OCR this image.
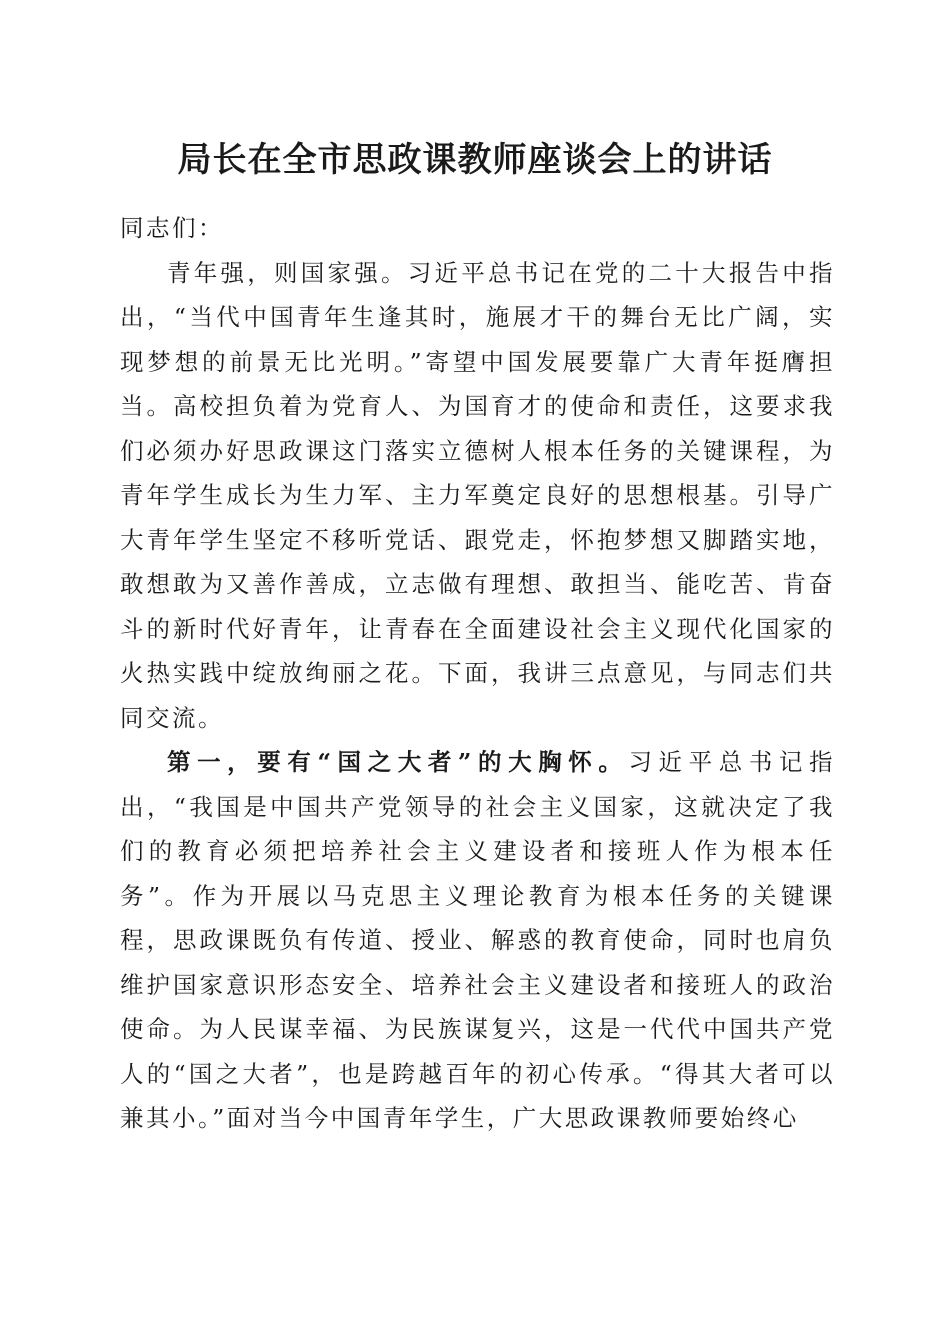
局长在全市思政课教师座谈会上的讲话

同志们：

青年强，则国家强。习近平总书记在党的二十大报告中指出，“当代中国青年生逢其时，施展才干的舞台无比广阔，实现梦想的前景无比光明。”寄望中国发展要靠广大青年挺膺担当。高校担负着为党育人、为国育才的使命和责任，这要求我们必须办好思政课这门落实立德树人根本任务的关键课程，为青年学生成长为生力军、主力军奠定良好的思想根基。引导广大青年学生坚定不移听党话、跟党走，怀抱梦想又脚踏实地，敢想敢为又善作善成，立志做有理想、敢担当、能吃苦、肯奋斗的新时代好青年，让青春在全面建设社会主义现代化国家的火热实践中绽放绚丽之花。下面，我讲三点意见，与同志们共同交流。

第一，要有“国之大者”的大胸怀。习近平总书记指出，“我国是中国共产党领导的社会主义国家，这就决定了我们的教育必须把培养社会主义建设者和接班人作为根本任务”。作为开展以马克思主义理论教育为根本任务的关键课程，思政课既负有传道、授业、解惑的教育使命，同时也肩负维护国家意识形态安全、培养社会主义建设者和接班人的政治使命。为人民谋幸福、为民族谋复兴，这是一代代中国共产党人的“国之大者”，也是跨越百年的初心传承。“得其大者可以兼其小。”面对当今中国青年学生，广大思政课教师要始终心
